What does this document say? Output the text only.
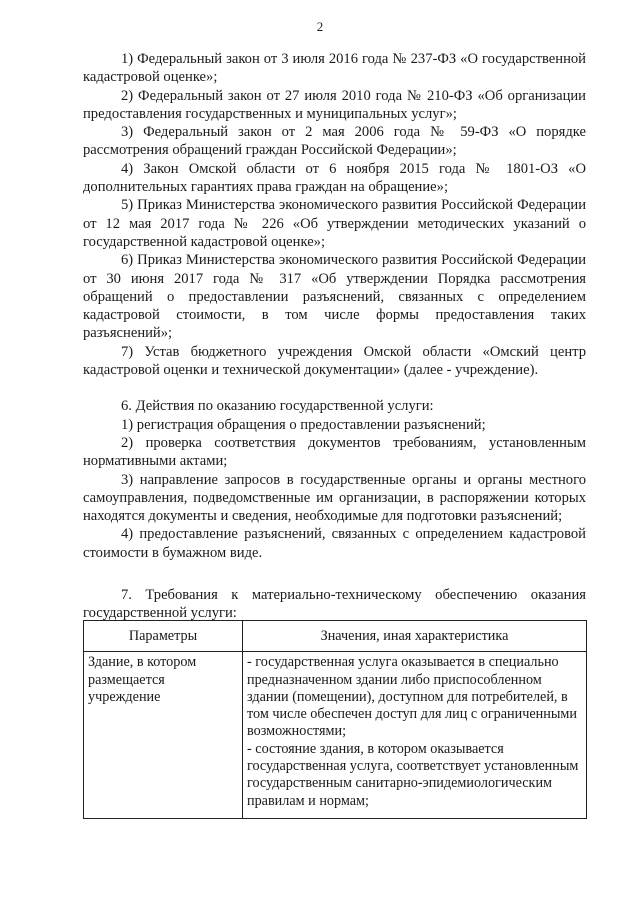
2

1) Федеральный закон от 3 июля 2016 года № 237-ФЗ «О государственной кадастровой оценке»;

2) Федеральный закон от 27 июля 2010 года № 210-ФЗ «Об организации предоставления государственных и муниципальных услуг»;

3) Федеральный закон от 2 мая 2006 года № 59-ФЗ «О порядке рассмотрения обращений граждан Российской Федерации»;

4) Закон Омской области от 6 ноября 2015 года № 1801-ОЗ «О дополнительных гарантиях права граждан на обращение»;

5) Приказ Министерства экономического развития Российской Федерации от 12 мая 2017 года № 226 «Об утверждении методических указаний о государственной кадастровой оценке»;

6) Приказ Министерства экономического развития Российской Федерации от 30 июня 2017 года № 317 «Об утверждении Порядка рассмотрения обращений о предоставлении разъяснений, связанных с определением кадастровой стоимости, в том числе формы предоставления таких разъяснений»;

7) Устав бюджетного учреждения Омской области «Омский центр кадастровой оценки и технической документации» (далее - учреждение).

6. Действия по оказанию государственной услуги:

1) регистрация обращения о предоставлении разъяснений;

2) проверка соответствия документов требованиям, установленным нормативными актами;

3) направление запросов в государственные органы и органы местного самоуправления, подведомственные им организации, в распоряжении которых находятся документы и сведения, необходимые для подготовки разъяснений;

4) предоставление разъяснений, связанных с определением кадастровой стоимости в бумажном виде.

7. Требования к материально-техническому обеспечению оказания государственной услуги:

Параметры	Значения, иная характеристика
Здание, в котором размещается учреждение	- государственная услуга оказывается в специально предназначенном здании либо приспособленном здании (помещении), доступном для потребителей, в том числе обеспечен доступ для лиц с ограниченными возможностями;
- состояние здания, в котором оказывается государственная услуга, соответствует установленным государственным санитарно-эпидемиологическим правилам и нормам;
